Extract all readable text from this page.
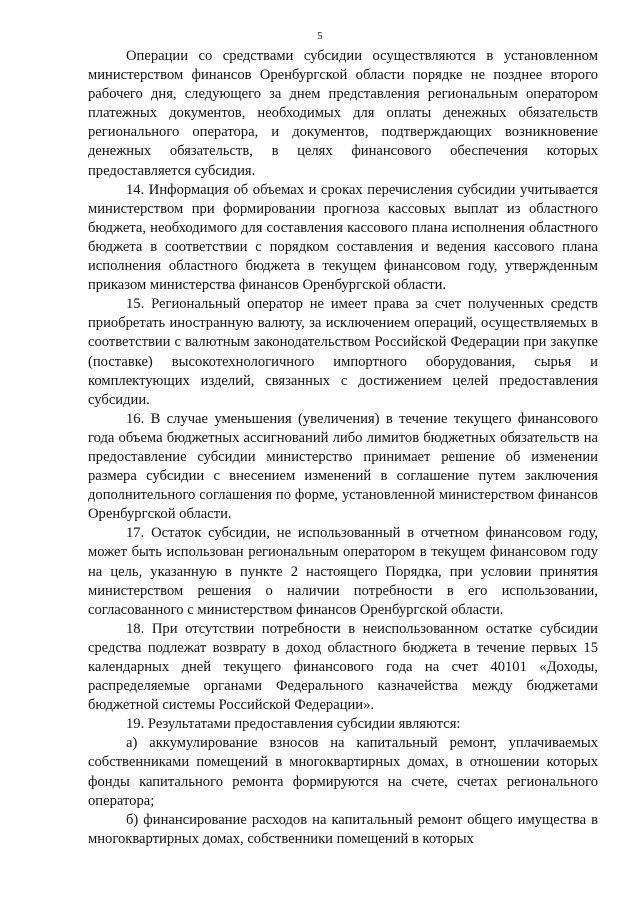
5

Операции со средствами субсидии осуществляются в установленном министерством финансов Оренбургской области порядке не позднее второго рабочего дня, следующего за днем представления региональным оператором платежных документов, необходимых для оплаты денежных обязательств регионального оператора, и документов, подтверждающих возникновение денежных обязательств, в целях финансового обеспечения которых предоставляется субсидия.

14. Информация об объемах и сроках перечисления субсидии учитывается министерством при формировании прогноза кассовых выплат из областного бюджета, необходимого для составления кассового плана исполнения областного бюджета в соответствии с порядком составления и ведения кассового плана исполнения областного бюджета в текущем финансовом году, утвержденным приказом министерства финансов Оренбургской области.

15. Региональный оператор не имеет права за счет полученных средств приобретать иностранную валюту, за исключением операций, осуществляемых в соответствии с валютным законодательством Российской Федерации при закупке (поставке) высокотехнологичного импортного оборудования, сырья и комплектующих изделий, связанных с достижением целей предоставления субсидии.

16. В случае уменьшения (увеличения) в течение текущего финансового года объема бюджетных ассигнований либо лимитов бюджетных обязательств на предоставление субсидии министерство принимает решение об изменении размера субсидии с внесением изменений в соглашение путем заключения дополнительного соглашения по форме, установленной министерством финансов Оренбургской области.

17. Остаток субсидии, не использованный в отчетном финансовом году, может быть использован региональным оператором в текущем финансовом году на цель, указанную в пункте 2 настоящего Порядка, при условии принятия министерством решения о наличии потребности в его использовании, согласованного с министерством финансов Оренбургской области.

18. При отсутствии потребности в неиспользованном остатке субсидии средства подлежат возврату в доход областного бюджета в течение первых 15 календарных дней текущего финансового года на счет 40101 «Доходы, распределяемые органами Федерального казначейства между бюджетами бюджетной системы Российской Федерации».

19. Результатами предоставления субсидии являются:

а) аккумулирование взносов на капитальный ремонт, уплачиваемых собственниками помещений в многоквартирных домах, в отношении которых фонды капитального ремонта формируются на счете, счетах регионального оператора;

б) финансирование расходов на капитальный ремонт общего имущества в многоквартирных домах, собственники помещений в которых
